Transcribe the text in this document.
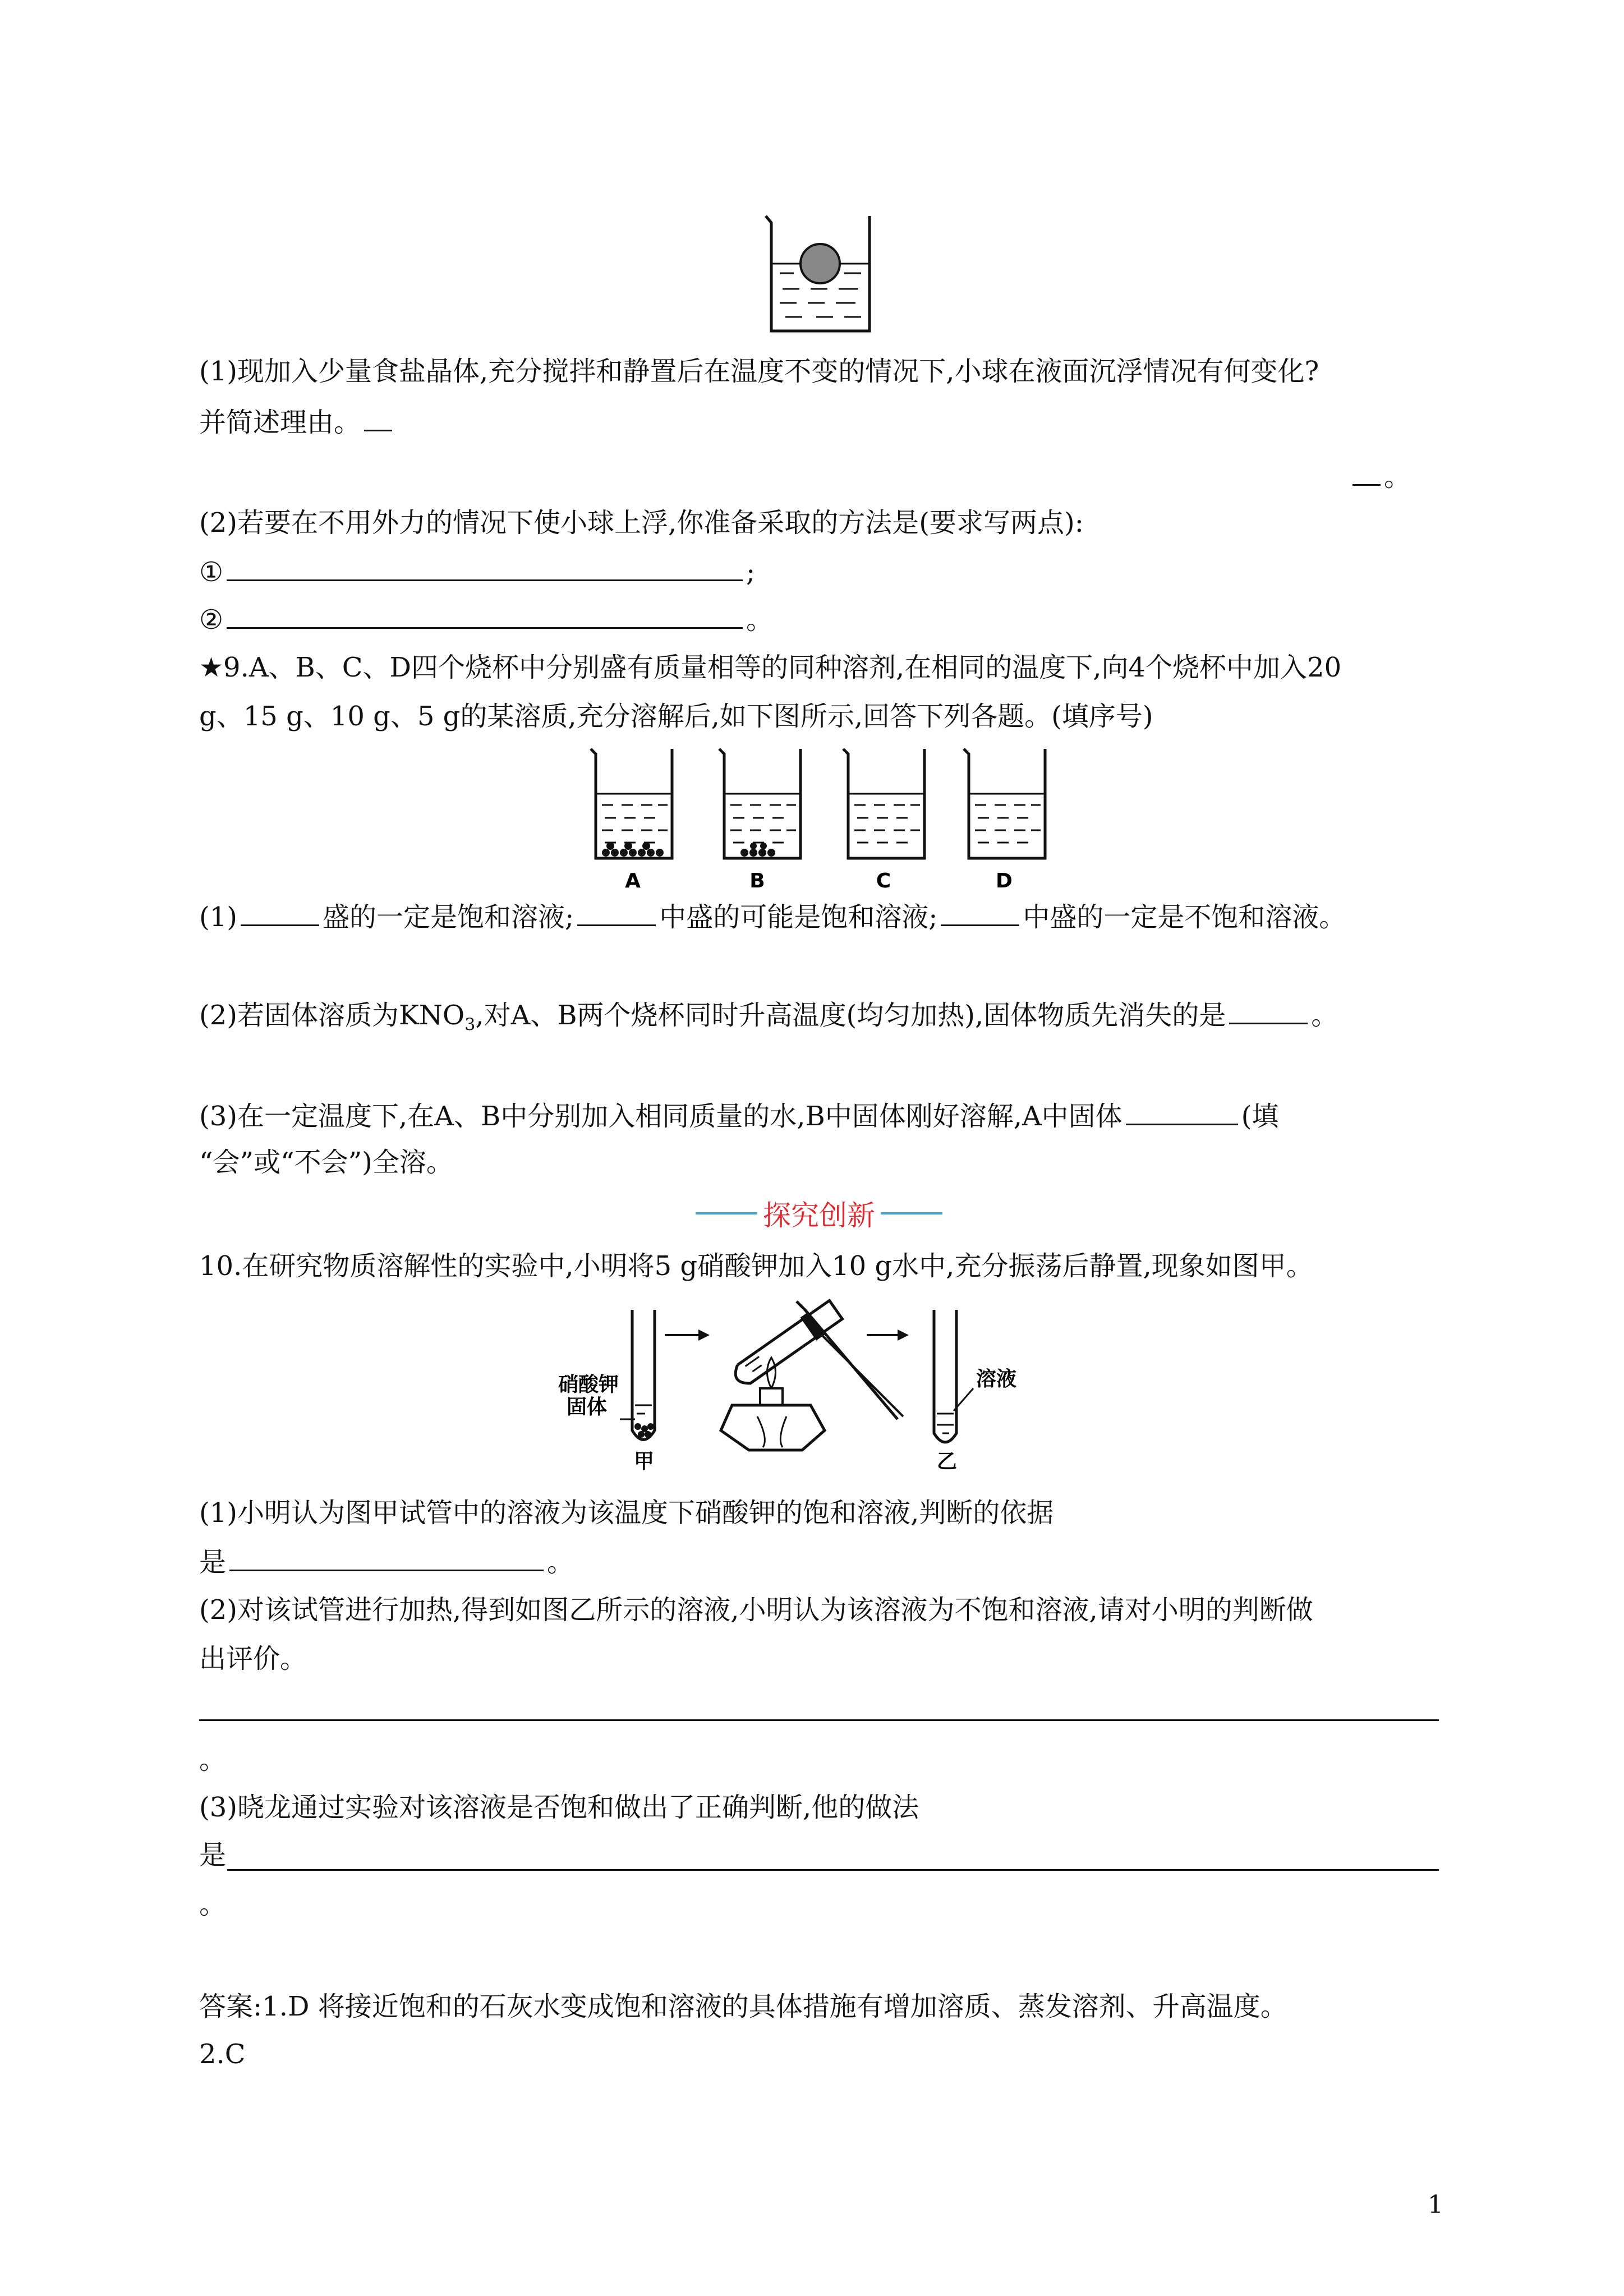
(1)现加入少量食盐晶体,充分搅拌和静置后在温度不变的情况下,小球在液面沉浮情况有何变化?
并简述理由。
。
(2)若要在不用外力的情况下使小球上浮,你准备采取的方法是(要求写两点):
①	;
②	。
★9.A、B、C、D四个烧杯中分别盛有质量相等的同种溶剂,在相同的温度下,向4个烧杯中加入20
g、15 g、10 g、5 g的某溶质,充分溶解后,如下图所示,回答下列各题。(填序号)
A	B	C	D
(1)	盛的一定是饱和溶液;	中盛的可能是饱和溶液;	中盛的一定是不饱和溶液。
(2)若固体溶质为$KNO_3$,对A、B两个烧杯同时升高温度(均匀加热),固体物质先消失的是	。
(3)在一定温度下,在A、B中分别加入相同质量的水,B中固体刚好溶解,A中固体	(填
“会”或“不会”)全溶。
探究创新
10.在研究物质溶解性的实验中,小明将5 g硝酸钾加入10 g水中,充分振荡后静置,现象如图甲。
硝酸钾
固体
甲
溶液
乙
(1)小明认为图甲试管中的溶液为该温度下硝酸钾的饱和溶液,判断的依据
是	。
(2)对该试管进行加热,得到如图乙所示的溶液,小明认为该溶液为不饱和溶液,请对小明的判断做
出评价。
。
(3)晓龙通过实验对该溶液是否饱和做出了正确判断,他的做法
是
。
答案:1.D 将接近饱和的石灰水变成饱和溶液的具体措施有增加溶质、蒸发溶剂、升高温度。
2.C
1
